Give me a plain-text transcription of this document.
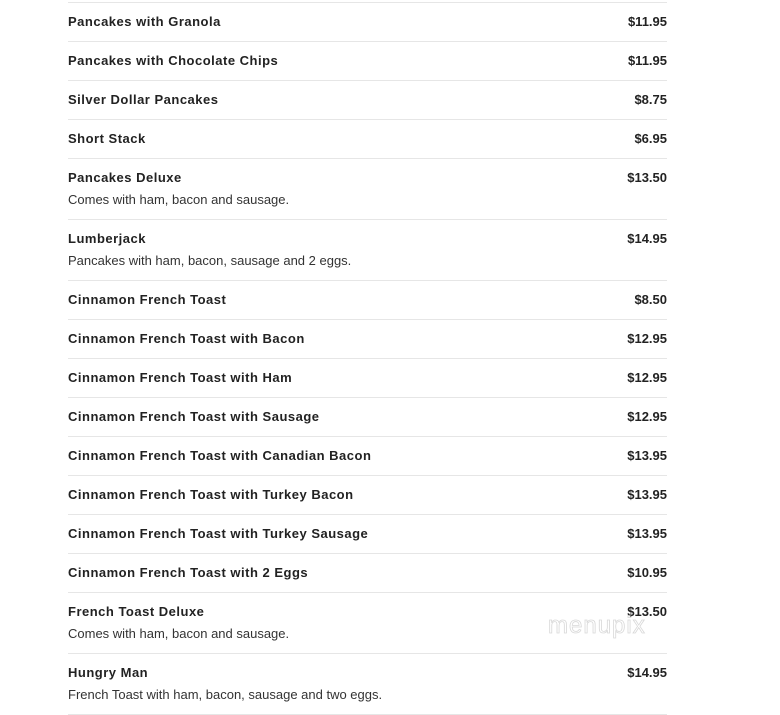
Pancakes with Granola	$11.95
Pancakes with Chocolate Chips	$11.95
Silver Dollar Pancakes	$8.75
Short Stack	$6.95
Pancakes Deluxe	$13.50
Comes with ham, bacon and sausage.
Lumberjack	$14.95
Pancakes with ham, bacon, sausage and 2 eggs.
Cinnamon French Toast	$8.50
Cinnamon French Toast with Bacon	$12.95
Cinnamon French Toast with Ham	$12.95
Cinnamon French Toast with Sausage	$12.95
Cinnamon French Toast with Canadian Bacon	$13.95
Cinnamon French Toast with Turkey Bacon	$13.95
Cinnamon French Toast with Turkey Sausage	$13.95
Cinnamon French Toast with 2 Eggs	$10.95
French Toast Deluxe	$13.50
Comes with ham, bacon and sausage.
Hungry Man	$14.95
French Toast with ham, bacon, sausage and two eggs.
menupix
